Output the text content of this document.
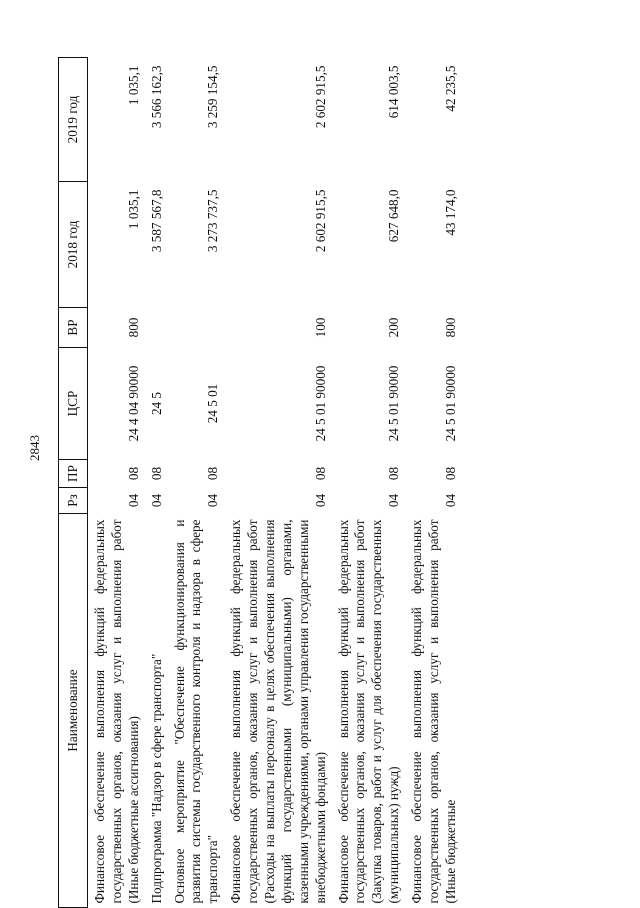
2843
Наименование	Рз	ПР	ЦСР	ВР	2018 год	2019 год
Финансовое обеспечение выполнения функций федеральных государственных органов, оказания услуг и выполнения работ (Иные бюджетные ассигнования)	04	08	24 4 04 90000	800	1 035,1	1 035,1
Подпрограмма "Надзор в сфере транспорта"	04	08	24 5		3 587 567,8	3 566 162,3
Основное мероприятие "Обеспечение функционирования и развития системы государственного контроля и надзора в сфере транспорта"	04	08	24 5 01		3 273 737,5	3 259 154,5
Финансовое обеспечение выполнения функций федеральных государственных органов, оказания услуг и выполнения работ (Расходы на выплаты персоналу в целях обеспечения выполнения функций государственными (муниципальными) органами, казенными учреждениями, органами управления государственными внебюджетными фондами)	04	08	24 5 01 90000	100	2 602 915,5	2 602 915,5
Финансовое обеспечение выполнения функций федеральных государственных органов, оказания услуг и выполнения работ (Закупка товаров, работ и услуг для обеспечения государственных (муниципальных) нужд)	04	08	24 5 01 90000	200	627 648,0	614 003,5
Финансовое обеспечение выполнения функций федеральных государственных органов, оказания услуг и выполнения работ (Иные бюджетные	04	08	24 5 01 90000	800	43 174,0	42 235,5
